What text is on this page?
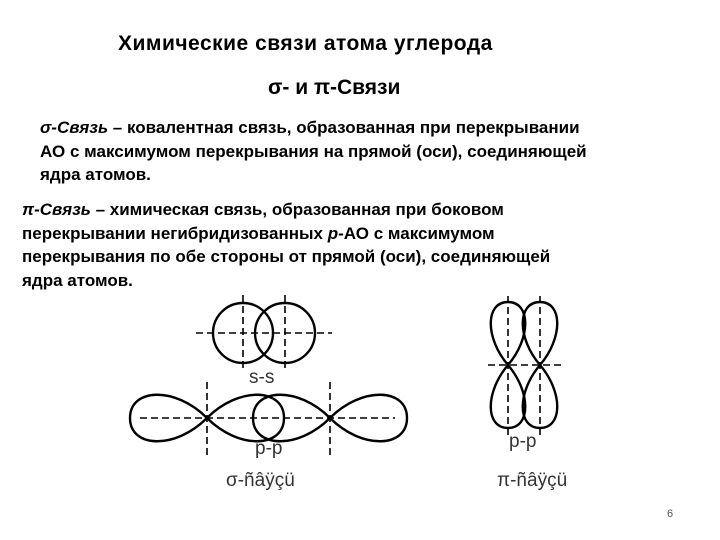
Химические связи атома углерода
σ- и π-Связи
σ-Связь – ковалентная связь, образованная при перекрывании
АО с максимумом перекрывания на прямой (оси), соединяющей
ядра атомов.
π-Связь – химическая связь, образованная при боковом
перекрывании негибридизованных p-АО с максимумом
перекрывания по обе стороны от прямой (оси), соединяющей
ядра атомов.
s-s
p-p	p-p
σ-ñâÿçü	π-ñâÿçü
6
